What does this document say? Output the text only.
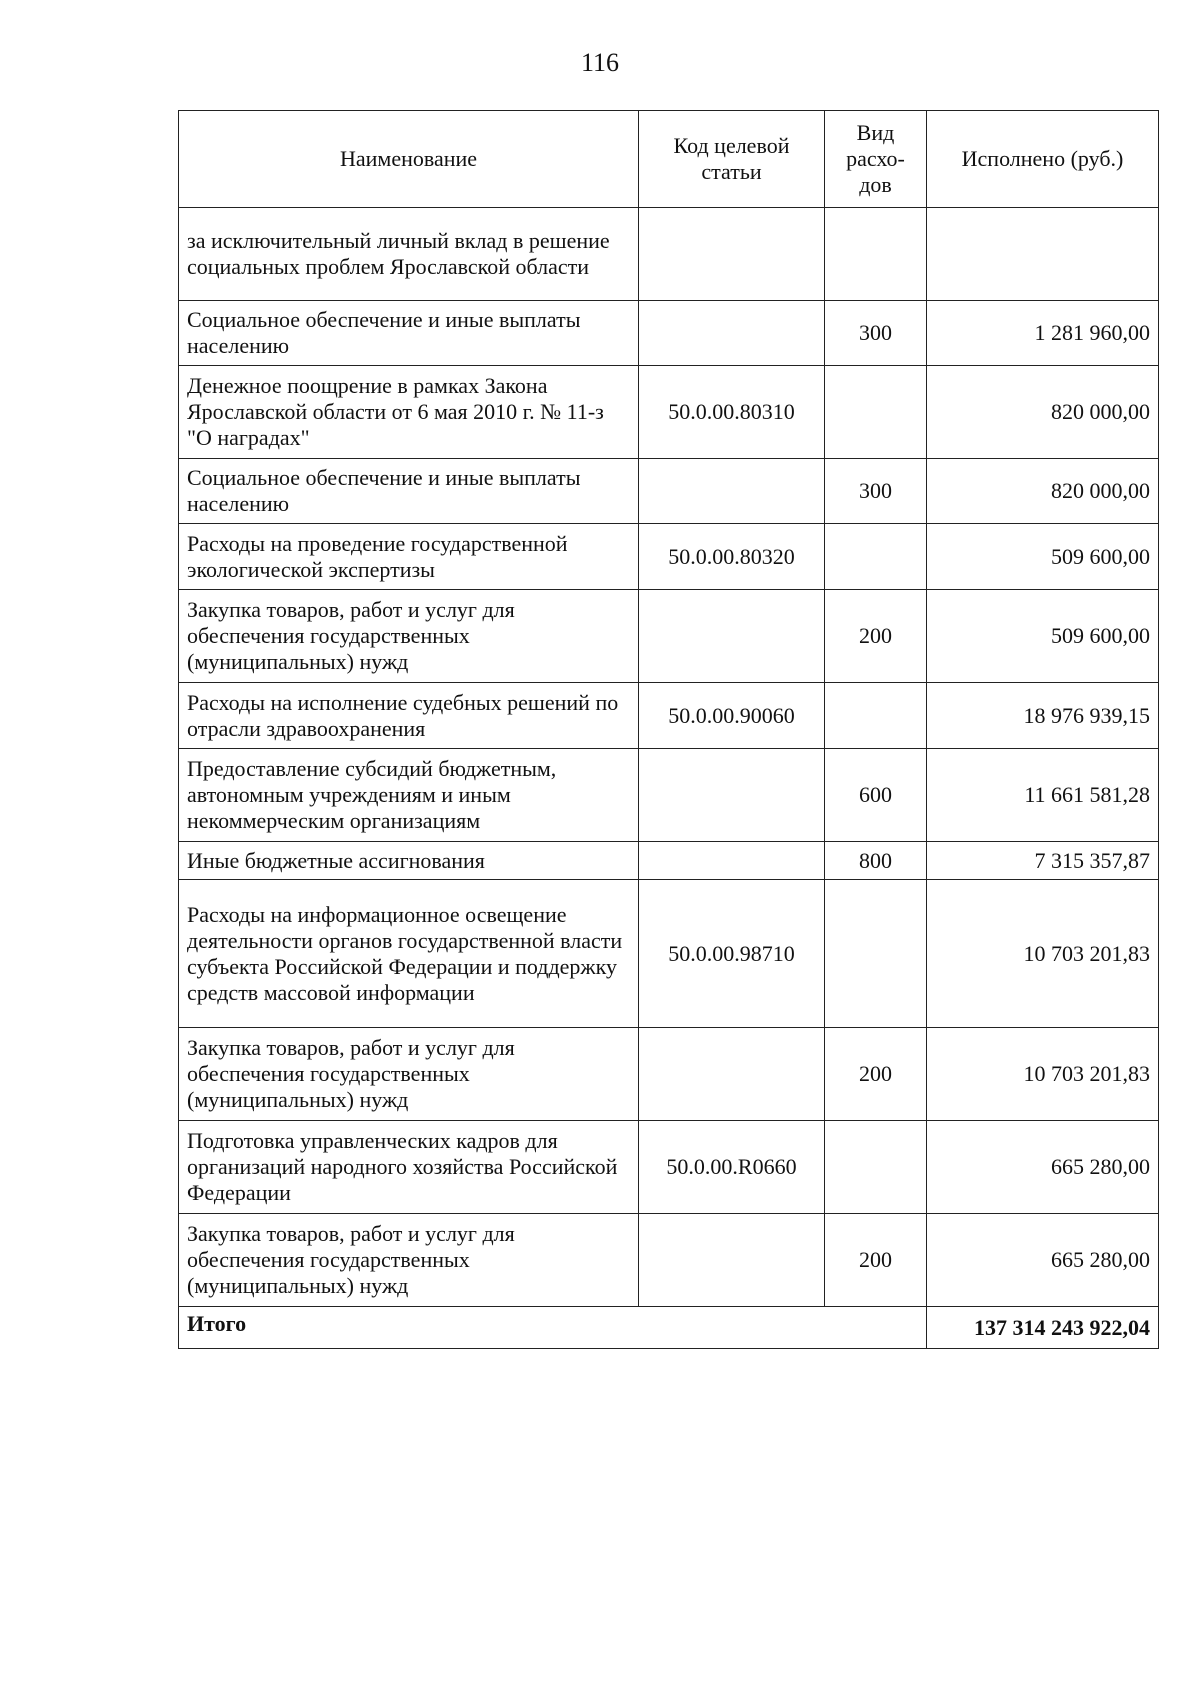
116
Наименование	Код целевой статьи	Вид расхо-дов	Исполнено (руб.)
за исключительный личный вклад в решение социальных проблем Ярославской области			
Социальное обеспечение и иные выплаты населению		300	1 281 960,00
Денежное поощрение в рамках Закона Ярославской области от 6 мая 2010 г. № 11-з "О наградах"	50.0.00.80310		820 000,00
Социальное обеспечение и иные выплаты населению		300	820 000,00
Расходы на проведение государственной экологической экспертизы	50.0.00.80320		509 600,00
Закупка товаров, работ и услуг для обеспечения государственных (муниципальных) нужд		200	509 600,00
Расходы на исполнение судебных решений по отрасли здравоохранения	50.0.00.90060		18 976 939,15
Предоставление субсидий бюджетным, автономным учреждениям и иным некоммерческим организациям		600	11 661 581,28
Иные бюджетные ассигнования		800	7 315 357,87
Расходы на информационное освещение деятельности органов государственной власти субъекта Российской Федерации и поддержку средств массовой информации	50.0.00.98710		10 703 201,83
Закупка товаров, работ и услуг для обеспечения государственных (муниципальных) нужд		200	10 703 201,83
Подготовка управленческих кадров для организаций народного хозяйства Российской Федерации	50.0.00.R0660		665 280,00
Закупка товаров, работ и услуг для обеспечения государственных (муниципальных) нужд		200	665 280,00
Итого			137 314 243 922,04
